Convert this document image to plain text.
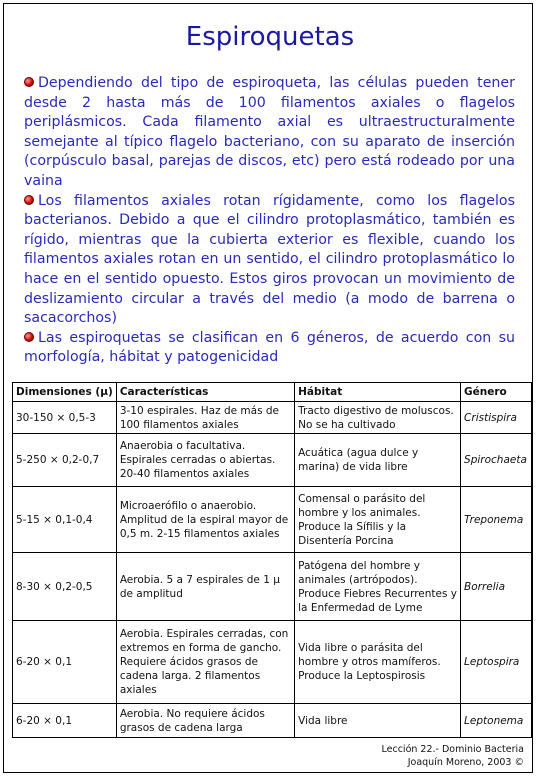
Espiroquetas

Dependiendo del tipo de espiroqueta, las células pueden tener desde 2 hasta más de 100 filamentos axiales o flagelos periplásmicos. Cada filamento axial es ultraestructuralmente semejante al típico flagelo bacteriano, con su aparato de inserción (corpúsculo basal, parejas de discos, etc) pero está rodeado por una vaina

Los filamentos axiales rotan rígidamente, como los flagelos bacterianos. Debido a que el cilindro protoplasmático, también es rígido, mientras que la cubierta exterior es flexible, cuando los filamentos axiales rotan en un sentido, el cilindro protoplasmático lo hace en el sentido opuesto. Estos giros provocan un movimiento de deslizamiento circular a través del medio (a modo de barrena o sacacorchos)

Las espiroquetas se clasifican en 6 géneros, de acuerdo con su morfología, hábitat y patogenicidad

Dimensiones (µ)	Características	Hábitat	Género
30-150 × 0,5-3	3-10 espirales. Haz de más de 100 filamentos axiales	Tracto digestivo de moluscos. No se ha cultivado	Cristispira
5-250 × 0,2-0,7	Anaerobia o facultativa. Espirales cerradas o abiertas. 20-40 filamentos axiales	Acuática (agua dulce y marina) de vida libre	Spirochaeta
5-15 × 0,1-0,4	Microaerófilo o anaerobio. Amplitud de la espiral mayor de 0,5 m. 2-15 filamentos axiales	Comensal o parásito del hombre y los animales. Produce la Sífilis y la Disentería Porcina	Treponema
8-30 × 0,2-0,5	Aerobia. 5 a 7 espirales de 1 µ de amplitud	Patógena del hombre y animales (artrópodos). Produce Fiebres Recurrentes y la Enfermedad de Lyme	Borrelia
6-20 × 0,1	Aerobia. Espirales cerradas, con extremos en forma de gancho. Requiere ácidos grasos de cadena larga. 2 filamentos axiales	Vida libre o parásita del hombre y otros mamíferos. Produce la Leptospirosis	Leptospira
6-20 × 0,1	Aerobia. No requiere ácidos grasos de cadena larga	Vida libre	Leptonema
Lección 22.- Dominio Bacteria
Joaquín Moreno, 2003 ©
